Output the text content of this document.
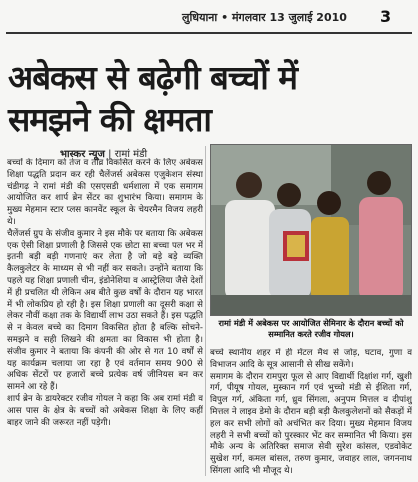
लुधियाना • मंगलवार 13 जुलाई 2010 3
अबेकस से बढ़ेगी बच्चों में
समझने की क्षमता
भास्कर न्यूज | रामां मंडी

बच्चों के दिमाग को तेज व तीव्र विकसित करने के लिए अबेकस शिक्षा पद्धति प्रदान कर रही चैलेंजर्स अबेकस एजुकेशन संस्था चंडीगढ़ ने रामां मंडी की एसएसडी धर्मशाला में एक समागम आयोजित कर शार्प ब्रेन सेंटर का शुभारंभ किया। समागम के मुख्य मेहमान स्टार प्लस कानवेंट स्कूल के चेयरमैन विजय लहरी थे।

चैलेंजर्स ग्रुप के संजीव कुमार ने इस मौके पर बताया कि अबेकस एक ऐसी शिक्षा प्रणाली है जिससे एक छोटा सा बच्चा पल भर में इतनी बड़ी बड़ी गणनाएं कर लेता है जो बड़े बड़े व्यक्ति कैलकुलेटर के माध्यम से भी नहीं कर सकते। उन्होंने बताया कि पहले यह शिक्षा प्रणाली चीन, इंडोनेशिया व आस्ट्रेलिया जैसे देशों में ही प्रचलित थी लेकिन अब बीते कुछ वर्षों के दौरान यह भारत में भी लोकप्रिय हो रही है। इस शिक्षा प्रणाली का दूसरी कक्षा से लेकर नौवीं कक्षा तक के विद्यार्थी लाभ उठा सकते हैं। इस पद्धति से न केवल बच्चे का दिमाग विकसित होता है बल्कि सोचने-समझने व सही लिखने की क्षमता का विकास भी होता है। संजीव कुमार ने बताया कि कंपनी की ओर से गत 10 वर्षों से यह कार्यक्रम चलाया जा रहा है एवं वर्तमान समय 900 से अधिक सेंटरों पर हजारों बच्चे प्रत्येक वर्ष जीनियस बन कर सामने आ रहे हैं।

शार्प ब्रेन के डायरेक्टर रजीव गोयल ने कहा कि अब रामां मंडी व आस पास के क्षेत्र के बच्चों को अबेकस शिक्षा के लिए कहीं बाहर जाने की जरूरत नहीं पड़ेगी।

रामां मंडी में अबेकस पर आयोजित सेमिनार के दौरान बच्चों को सम्मानित करते रजीव गोयल।

बच्चे स्थानीय शहर में ही मेंटल मैथ से जोड़, घटाव, गुणा व विभाजन आदि के सूत्र आसानी से सीख सकेंगे।

समागम के दौरान रामपुरा फूल से आए विद्यार्थी दिक्षांश गर्ग, खुशी गर्ग, पीयूष गोयल, मुस्कान गर्ग एवं भुच्चो मंडी से ईशिता गर्ग, विपुल गर्ग, अंकिता गर्ग, ध्रुव सिंगला, अनुपम मित्तल व दीपांशु मित्तल ने लाइव डेमो के दौरान बड़ी बड़ी कैलकुलेशनों को सैकड़ों में हल कर सभी लोगों को अचंभित कर दिया। मुख्य मेहमान विजय लहरी ने सभी बच्चों को पुरस्कार भेंट कर सम्मानित भी किया। इस मौके अन्य के अतिरिक्त समाज सेवी सुरेश कांसल, एडवोकेट सुखेश गर्ग, कमल बांसल, तरुण कुमार, जवाहर लाल, जगननाथ सिंगला आदि भी मौजूद थे।
